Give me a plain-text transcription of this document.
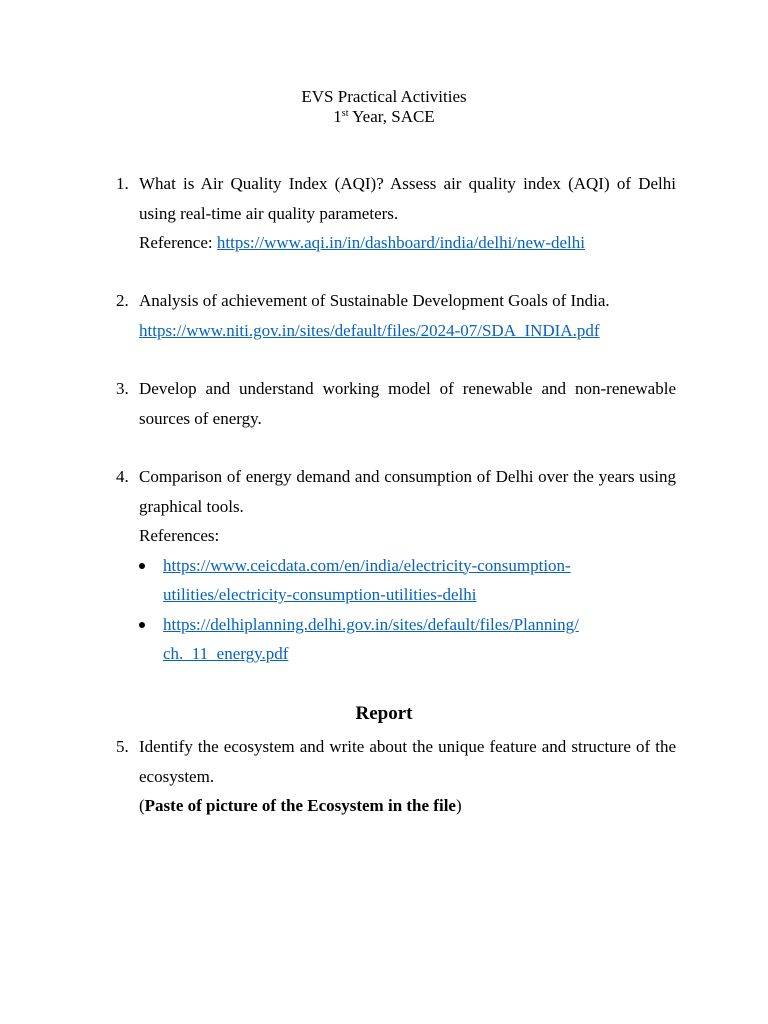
EVS Practical Activities
1st Year, SACE
1. What is Air Quality Index (AQI)? Assess air quality index (AQI) of Delhi using real-time air quality parameters.
Reference: https://www.aqi.in/in/dashboard/india/delhi/new-delhi
2. Analysis of achievement of Sustainable Development Goals of India.
https://www.niti.gov.in/sites/default/files/2024-07/SDA_INDIA.pdf
3. Develop and understand working model of renewable and non-renewable sources of energy.
4. Comparison of energy demand and consumption of Delhi over the years using graphical tools.
References:
https://www.ceicdata.com/en/india/electricity-consumption-
utilities/electricity-consumption-utilities-delhi
https://delhiplanning.delhi.gov.in/sites/default/files/Planning/
ch._11_energy.pdf
Report
5. Identify the ecosystem and write about the unique feature and structure of the ecosystem.
(Paste of picture of the Ecosystem in the file)
